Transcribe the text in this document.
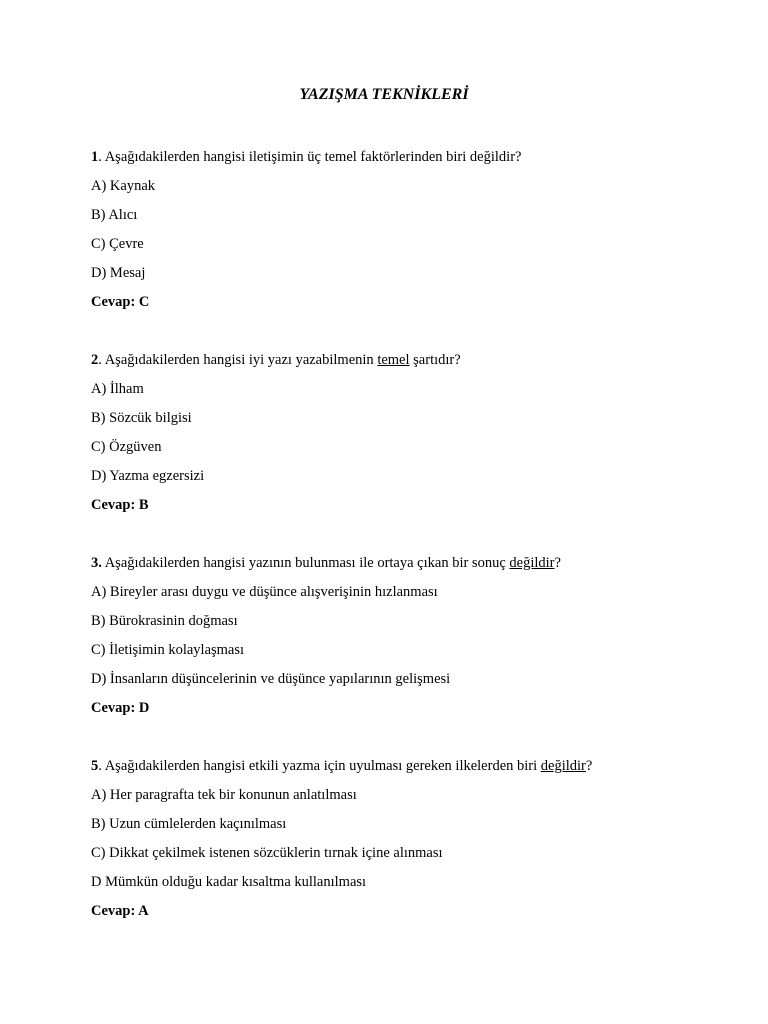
YAZIŞMA TEKNİKLERİ
1. Aşağıdakilerden hangisi iletişimin üç temel faktörlerinden biri değildir?
A) Kaynak
B) Alıcı
C) Çevre
D) Mesaj
Cevap: C
2. Aşağıdakilerden hangisi iyi yazı yazabilmenin temel şartıdır?
A) İlham
B) Sözcük bilgisi
C) Özgüven
D) Yazma egzersizi
Cevap: B
3. Aşağıdakilerden hangisi yazının bulunması ile ortaya çıkan bir sonuç değildir?
A) Bireyler arası duygu ve düşünce alışverişinin hızlanması
B) Bürokrasinin doğması
C) İletişimin kolaylaşması
D) İnsanların düşüncelerinin ve düşünce yapılarının gelişmesi
Cevap: D
5. Aşağıdakilerden hangisi etkili yazma için uyulması gereken ilkelerden biri değildir?
A) Her paragrafta tek bir konunun anlatılması
B) Uzun cümlelerden kaçınılması
C) Dikkat çekilmek istenen sözcüklerin tırnak içine alınması
D Mümkün olduğu kadar kısaltma kullanılması
Cevap: A
